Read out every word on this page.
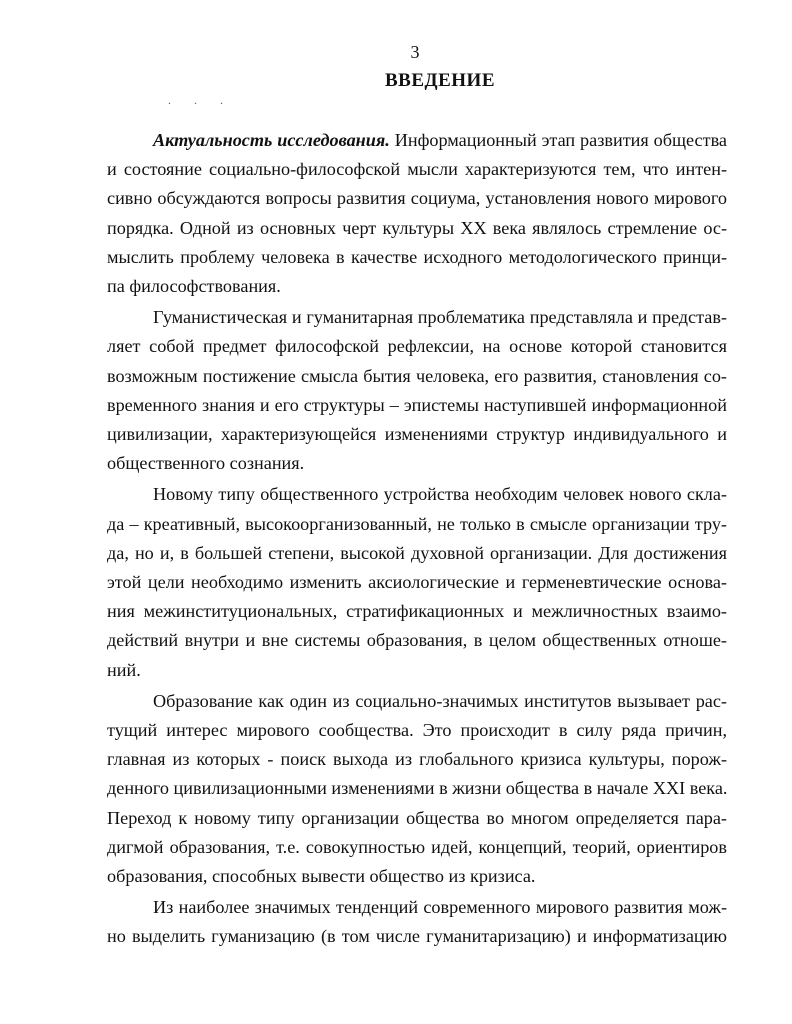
3
ВВЕДЕНИЕ
. . .
Актуальность исследования. Информационный этап развития общества
и состояние социально-философской мысли характеризуются тем, что интен-
сивно обсуждаются вопросы развития социума, установления нового мирового
порядка. Одной из основных черт культуры XX века являлось стремление ос-
мыслить проблему человека в качестве исходного методологического принци-
па философствования.
Гуманистическая и гуманитарная проблематика представляла и представ-
ляет собой предмет философской рефлексии, на основе которой становится
возможным постижение смысла бытия человека, его развития, становления со-
временного знания и его структуры – эпистемы наступившей информационной
цивилизации, характеризующейся изменениями структур индивидуального и
общественного сознания.
Новому типу общественного устройства необходим человек нового скла-
да – креативный, высокоорганизованный, не только в смысле организации тру-
да, но и, в большей степени, высокой духовной организации. Для достижения
этой цели необходимо изменить аксиологические и герменевтические основа-
ния межинституциональных, стратификационных и межличностных взаимо-
действий внутри и вне системы образования, в целом общественных отноше-
ний.
Образование как один из социально-значимых институтов вызывает рас-
тущий интерес мирового сообщества. Это происходит в силу ряда причин,
главная из которых - поиск выхода из глобального кризиса культуры, порож-
денного цивилизационными изменениями в жизни общества в начале XXI века.
Переход к новому типу организации общества во многом определяется пара-
дигмой образования, т.е. совокупностью идей, концепций, теорий, ориентиров
образования, способных вывести общество из кризиса.
Из наиболее значимых тенденций современного мирового развития мож-
но выделить гуманизацию (в том числе гуманитаризацию) и информатизацию
